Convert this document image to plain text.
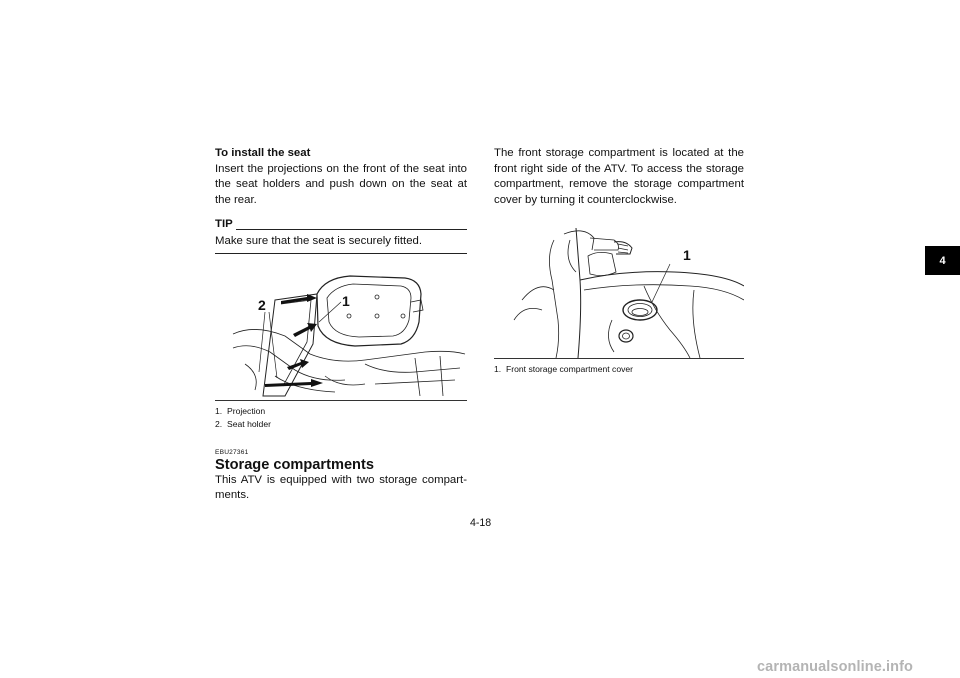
To install the seat

Insert the projections on the front of the seat into the seat holders and push down on the seat at the rear.

TIP
Make sure that the seat is securely fitted.
1
2
1. Projection
2. Seat holder
EBU27361
Storage compartments

This ATV is equipped with two storage compart-ments.

The front storage compartment is located at the front right side of the ATV. To access the storage compartment, remove the storage compartment cover by turning it counterclockwise.

1
1. Front storage compartment cover
4
4-18
carmanualsonline.info
